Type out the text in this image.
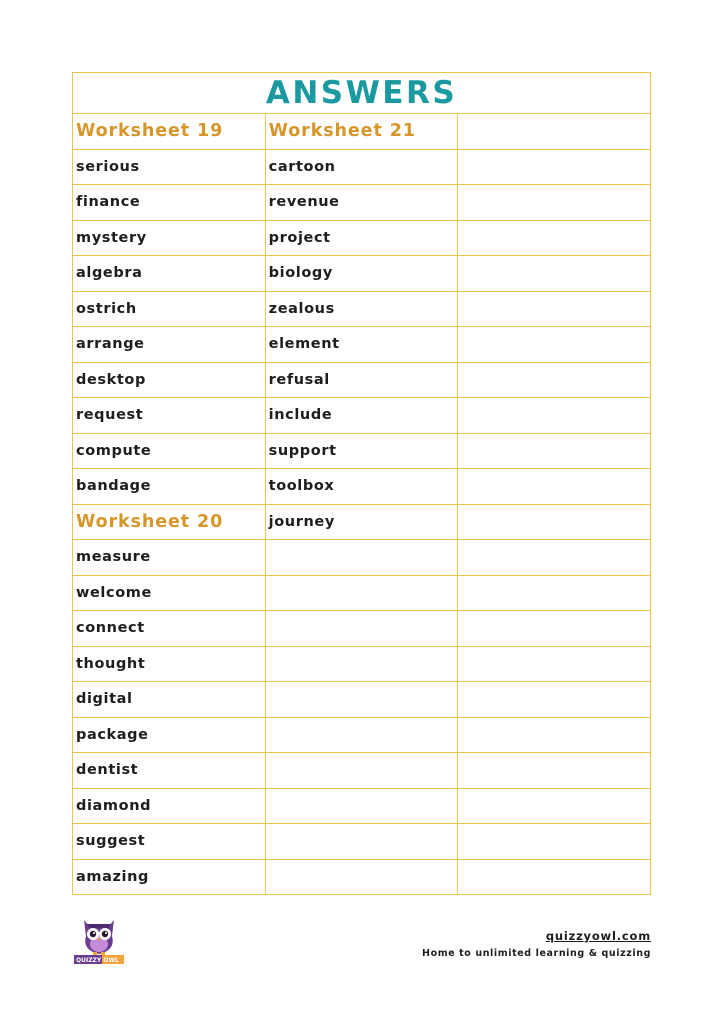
ANSWERS		
Worksheet 19	Worksheet 21	
serious	cartoon	
finance	revenue	
mystery	project	
algebra	biology	
ostrich	zealous	
arrange	element	
desktop	refusal	
request	include	
compute	support	
bandage	toolbox	
Worksheet 20	journey	
measure		
welcome		
connect		
thought		
digital		
package		
dentist		
diamond		
suggest		
amazing		
QUIZZY OWL
quizzyowl.com
Home to unlimited learning & quizzing
